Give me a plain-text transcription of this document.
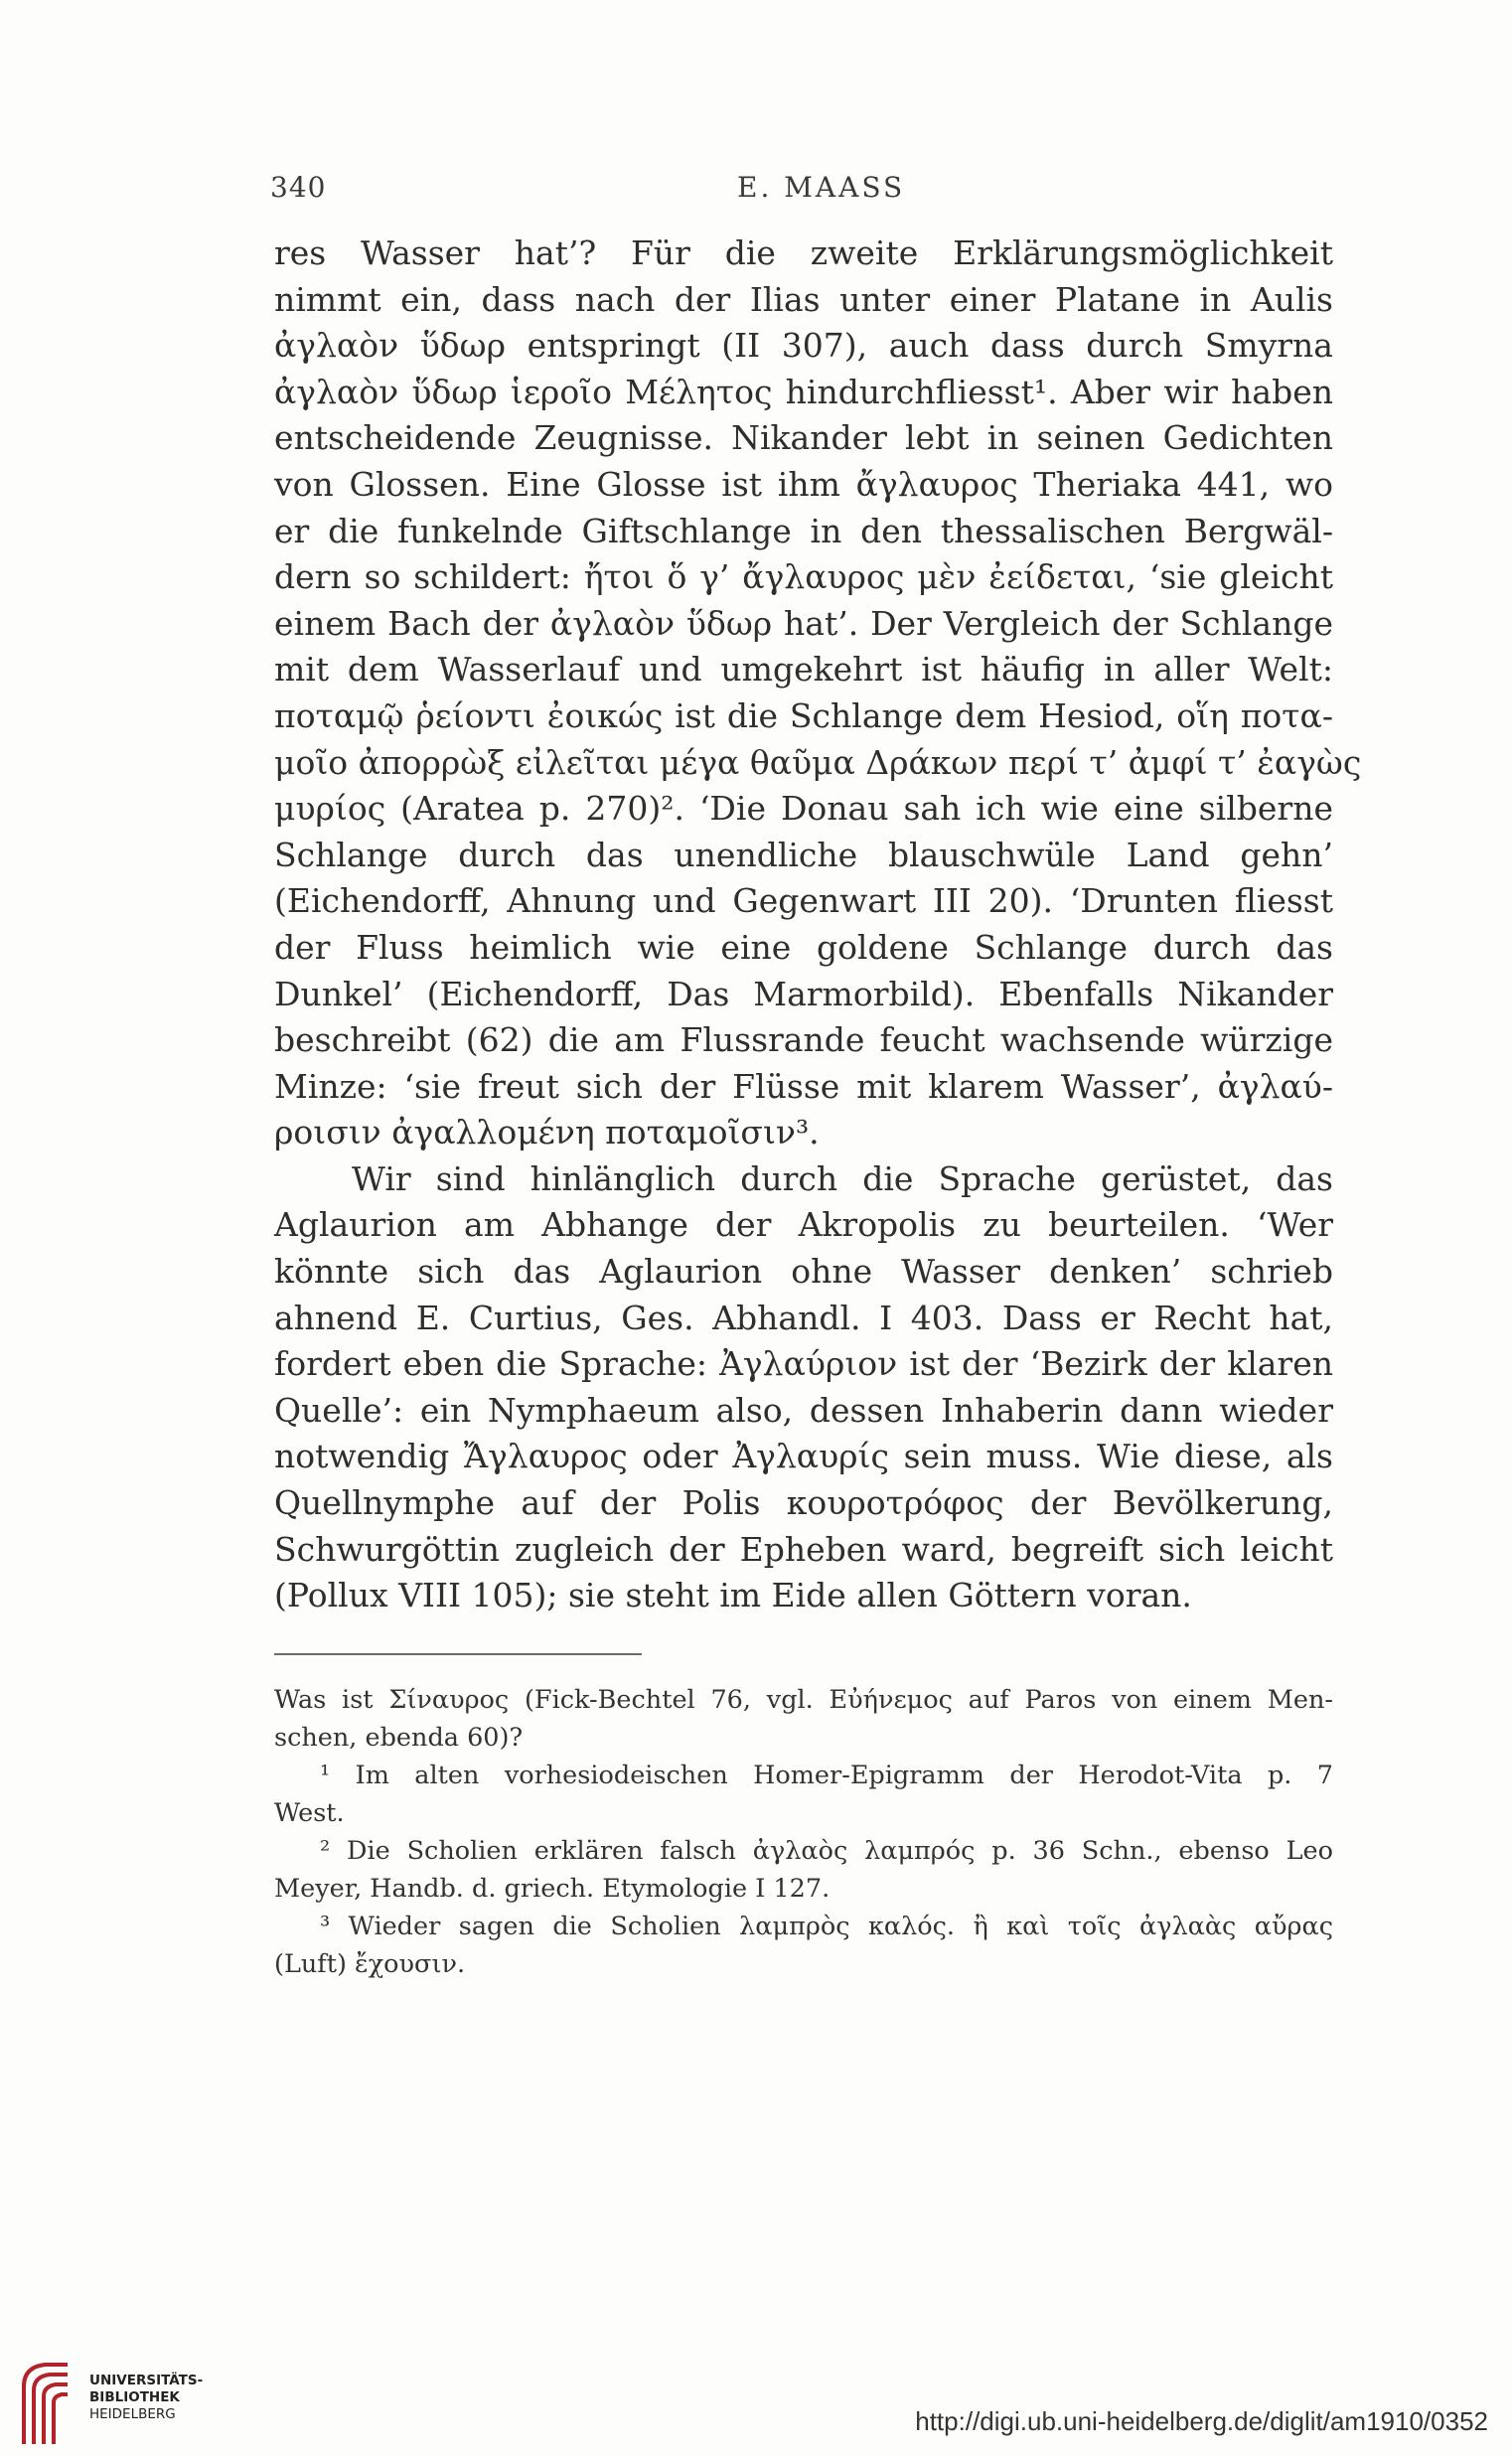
340	E. MAASS
res Wasser hat’? Für die zweite Erklärungsmöglichkeit
nimmt ein, dass nach der Ilias unter einer Platane in Aulis
ἀγλαὸν ὕδωρ entspringt (II 307), auch dass durch Smyrna
ἀγλαὸν ὕδωρ ἱεροῖο Μέλητος hindurchfliesst¹. Aber wir haben
entscheidende Zeugnisse. Nikander lebt in seinen Gedichten
von Glossen. Eine Glosse ist ihm ἄγλαυρος Theriaka 441, wo
er die funkelnde Giftschlange in den thessalischen Bergwäl-
dern so schildert: ἤτοι ὅ γ’ ἄγλαυρος μὲν ἐείδεται, ‘sie gleicht
einem Bach der ἀγλαὸν ὕδωρ hat’. Der Vergleich der Schlange
mit dem Wasserlauf und umgekehrt ist häufig in aller Welt:
ποταμῷ ῥείοντι ἐοικώς ist die Schlange dem Hesiod, οἵη ποτα-
μοῖο ἀπορρὼξ εἰλεῖται μέγα θαῦμα Δράκων περί τ’ ἀμφί τ’ ἐαγὼς
μυρίος (Aratea p. 270)². ‘Die Donau sah ich wie eine silberne
Schlange durch das unendliche blauschwüle Land gehn’
(Eichendorff, Ahnung und Gegenwart III 20). ‘Drunten fliesst
der Fluss heimlich wie eine goldene Schlange durch das
Dunkel’ (Eichendorff, Das Marmorbild). Ebenfalls Nikander
beschreibt (62) die am Flussrande feucht wachsende würzige
Minze: ‘sie freut sich der Flüsse mit klarem Wasser’, ἀγλαύ-
ροισιν ἀγαλλομένη ποταμοῖσιν³.
Wir sind hinlänglich durch die Sprache gerüstet, das
Aglaurion am Abhange der Akropolis zu beurteilen. ‘Wer
könnte sich das Aglaurion ohne Wasser denken’ schrieb
ahnend E. Curtius, Ges. Abhandl. I 403. Dass er Recht hat,
fordert eben die Sprache: Ἀγλαύριον ist der ‘Bezirk der klaren
Quelle’: ein Nymphaeum also, dessen Inhaberin dann wieder
notwendig Ἄγλαυρος oder Ἀγλαυρίς sein muss. Wie diese, als
Quellnymphe auf der Polis κουροτρόφος der Bevölkerung,
Schwurgöttin zugleich der Epheben ward, begreift sich leicht
(Pollux VIII 105); sie steht im Eide allen Göttern voran.
Was ist Σίναυρος (Fick-Bechtel 76, vgl. Εὐήνεμος auf Paros von einem Men-
schen, ebenda 60)?
¹ Im alten vorhesiodeischen Homer-Epigramm der Herodot-Vita p. 7
West.
² Die Scholien erklären falsch ἀγλαὸς λαμπρός p. 36 Schn., ebenso Leo
Meyer, Handb. d. griech. Etymologie I 127.
³ Wieder sagen die Scholien λαμπρὸς καλός. ἢ καὶ τοῖς ἀγλαὰς αὔρας
(Luft) ἔχουσιν.
UNIVERSITÄTS-
BIBLIOTHEK
HEIDELBERG	http://digi.ub.uni-heidelberg.de/diglit/am1910/0352
